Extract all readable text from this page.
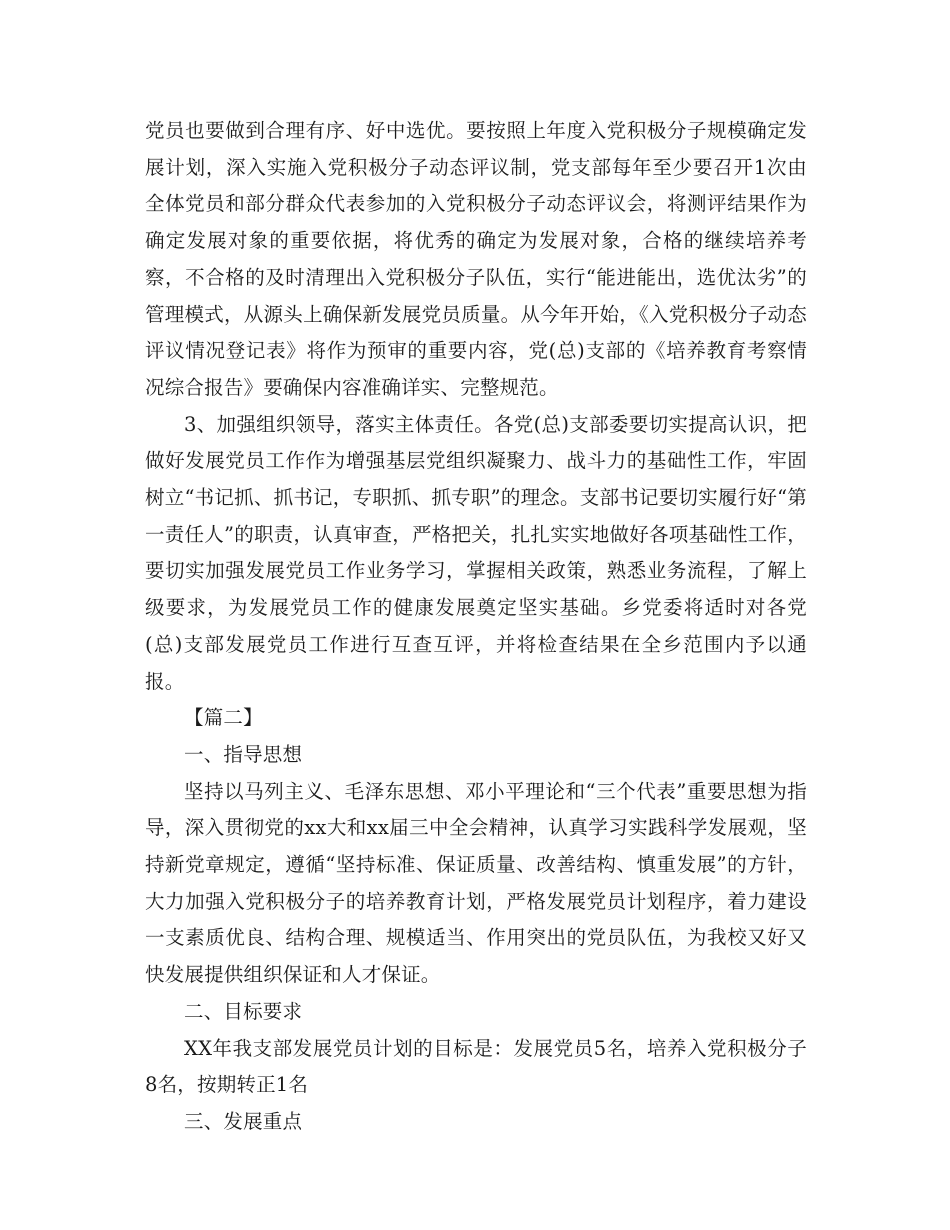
党员也要做到合理有序、好中选优。要按照上年度入党积极分子规模确定发展计划，深入实施入党积极分子动态评议制，党支部每年至少要召开1次由全体党员和部分群众代表参加的入党积极分子动态评议会，将测评结果作为确定发展对象的重要依据，将优秀的确定为发展对象，合格的继续培养考察，不合格的及时清理出入党积极分子队伍，实行“能进能出，选优汰劣”的管理模式，从源头上确保新发展党员质量。从今年开始，《入党积极分子动态评议情况登记表》将作为预审的重要内容，党(总)支部的《培养教育考察情况综合报告》要确保内容准确详实、完整规范。

3、加强组织领导，落实主体责任。各党(总)支部委要切实提高认识，把做好发展党员工作作为增强基层党组织凝聚力、战斗力的基础性工作，牢固树立“书记抓、抓书记，专职抓、抓专职”的理念。支部书记要切实履行好“第一责任人”的职责，认真审查，严格把关，扎扎实实地做好各项基础性工作，要切实加强发展党员工作业务学习，掌握相关政策，熟悉业务流程，了解上级要求，为发展党员工作的健康发展奠定坚实基础。乡党委将适时对各党(总)支部发展党员工作进行互查互评，并将检查结果在全乡范围内予以通报。

【篇二】

一、指导思想

坚持以马列主义、毛泽东思想、邓小平理论和“三个代表”重要思想为指导，深入贯彻党的xx大和xx届三中全会精神，认真学习实践科学发展观，坚持新党章规定，遵循“坚持标准、保证质量、改善结构、慎重发展”的方针，大力加强入党积极分子的培养教育计划，严格发展党员计划程序，着力建设一支素质优良、结构合理、规模适当、作用突出的党员队伍，为我校又好又快发展提供组织保证和人才保证。

二、目标要求

XX年我支部发展党员计划的目标是：发展党员5名，培养入党积极分子8名，按期转正1名

三、发展重点
